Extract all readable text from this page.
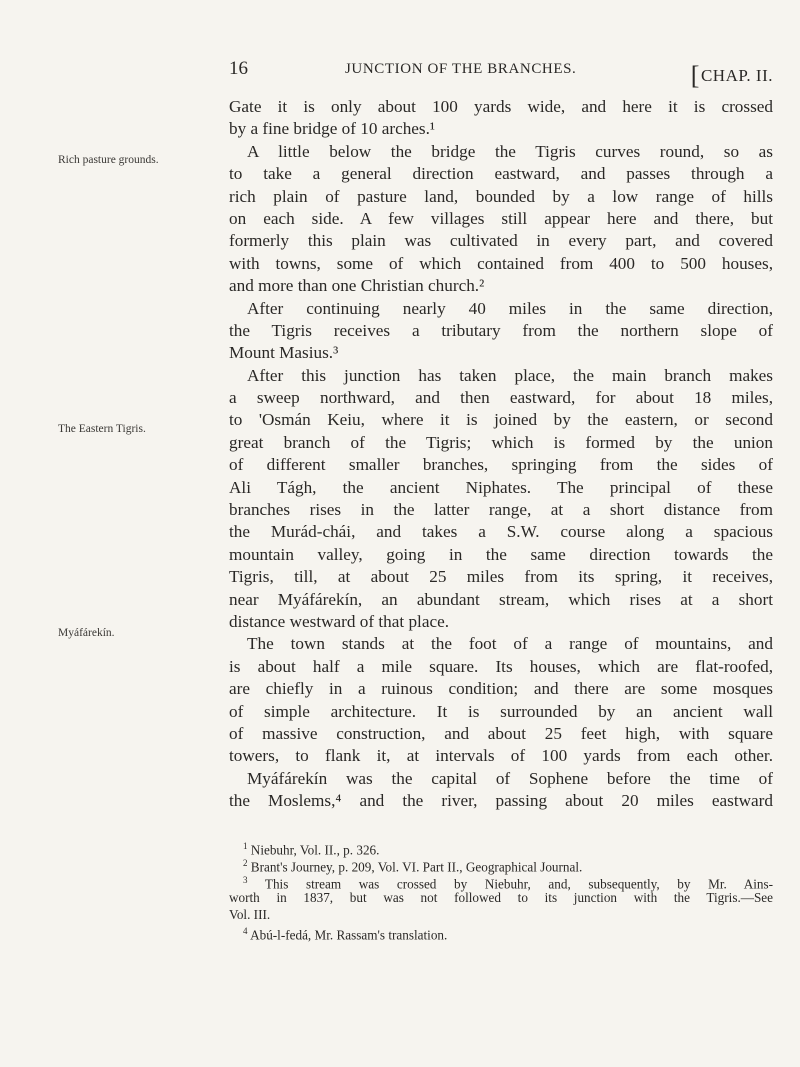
16	JUNCTION OF THE BRANCHES.	[CHAP. II.
Rich pasture grounds.
The Eastern Tigris.
Myáfárekín.
Gate it is only about 100 yards wide, and here it is crossed
by a fine bridge of 10 arches.¹
A little below the bridge the Tigris curves round, so as
to take a general direction eastward, and passes through a
rich plain of pasture land, bounded by a low range of hills
on each side. A few villages still appear here and there, but
formerly this plain was cultivated in every part, and covered
with towns, some of which contained from 400 to 500 houses,
and more than one Christian church.²
After continuing nearly 40 miles in the same direction,
the Tigris receives a tributary from the northern slope of
Mount Masius.³
After this junction has taken place, the main branch makes
a sweep northward, and then eastward, for about 18 miles,
to 'Osmán Keiu, where it is joined by the eastern, or second
great branch of the Tigris; which is formed by the union
of different smaller branches, springing from the sides of
Ali Tágh, the ancient Niphates. The principal of these
branches rises in the latter range, at a short distance from
the Murád-chái, and takes a S.W. course along a spacious
mountain valley, going in the same direction towards the
Tigris, till, at about 25 miles from its spring, it receives,
near Myáfárekín, an abundant stream, which rises at a short
distance westward of that place.
The town stands at the foot of a range of mountains, and
is about half a mile square. Its houses, which are flat-roofed,
are chiefly in a ruinous condition; and there are some mosques
of simple architecture. It is surrounded by an ancient wall
of massive construction, and about 25 feet high, with square
towers, to flank it, at intervals of 100 yards from each other.
Myáfárekín was the capital of Sophene before the time of
the Moslems,⁴ and the river, passing about 20 miles eastward
$^1$ Niebuhr, Vol. II., p. 326.
$^2$ Brant's Journey, p. 209, Vol. VI. Part II., Geographical Journal.
$^3$ This stream was crossed by Niebuhr, and, subsequently, by Mr. Ains-
worth in 1837, but was not followed to its junction with the Tigris.—See
Vol. III.
$^4$ Abú-l-fedá, Mr. Rassam's translation.
